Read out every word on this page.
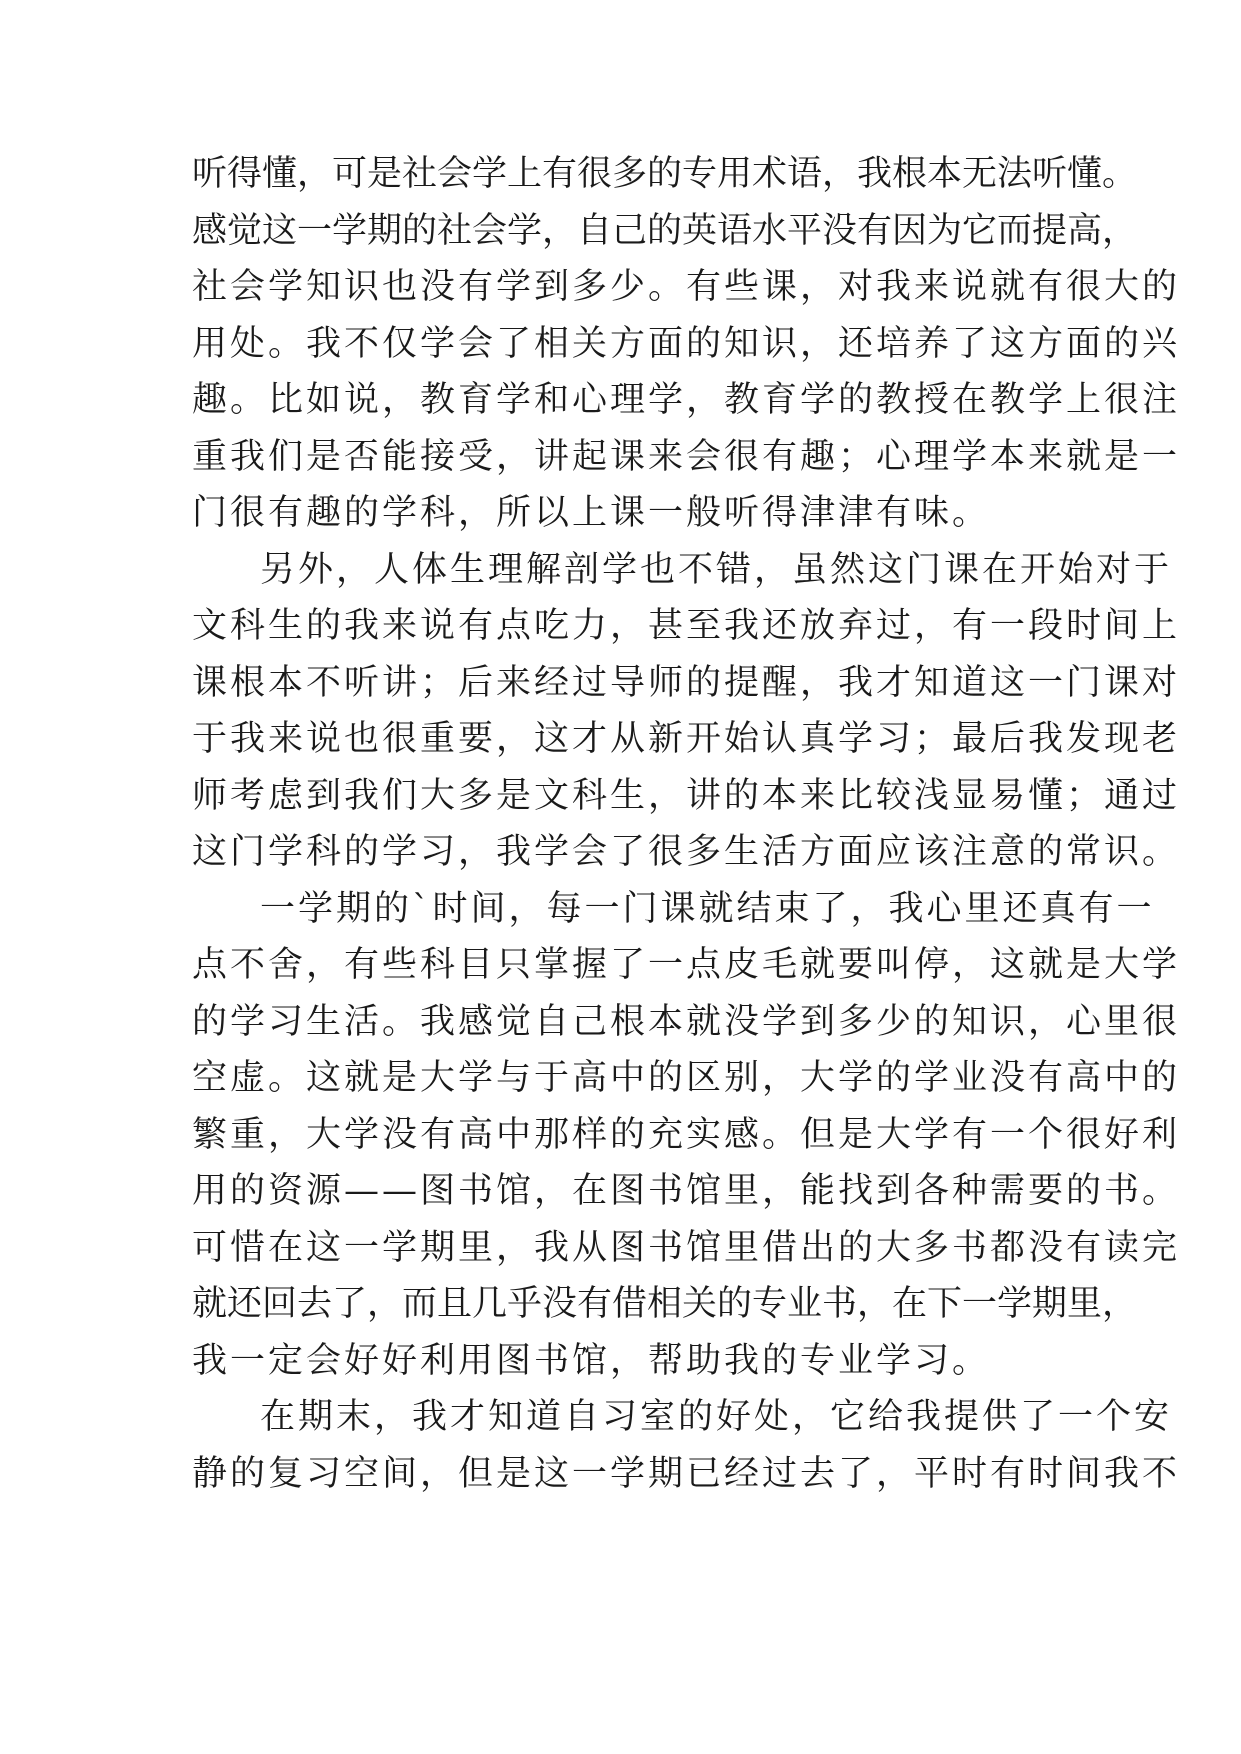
听得懂，可是社会学上有很多的专用术语，我根本无法听懂。
感觉这一学期的社会学，自己的英语水平没有因为它而提高，
社会学知识也没有学到多少。有些课，对我来说就有很大的
用处。我不仅学会了相关方面的知识，还培养了这方面的兴
趣。比如说，教育学和心理学，教育学的教授在教学上很注
重我们是否能接受，讲起课来会很有趣；心理学本来就是一
门很有趣的学科，所以上课一般听得津津有味。
另外，人体生理解剖学也不错，虽然这门课在开始对于
文科生的我来说有点吃力，甚至我还放弃过，有一段时间上
课根本不听讲；后来经过导师的提醒，我才知道这一门课对
于我来说也很重要，这才从新开始认真学习；最后我发现老
师考虑到我们大多是文科生，讲的本来比较浅显易懂；通过
这门学科的学习，我学会了很多生活方面应该注意的常识。
一学期的`时间，每一门课就结束了，我心里还真有一
点不舍，有些科目只掌握了一点皮毛就要叫停，这就是大学
的学习生活。我感觉自己根本就没学到多少的知识，心里很
空虚。这就是大学与于高中的区别，大学的学业没有高中的
繁重，大学没有高中那样的充实感。但是大学有一个很好利
用的资源——图书馆，在图书馆里，能找到各种需要的书。
可惜在这一学期里，我从图书馆里借出的大多书都没有读完
就还回去了，而且几乎没有借相关的专业书，在下一学期里，
我一定会好好利用图书馆，帮助我的专业学习。
在期末，我才知道自习室的好处，它给我提供了一个安
静的复习空间，但是这一学期已经过去了，平时有时间我不
